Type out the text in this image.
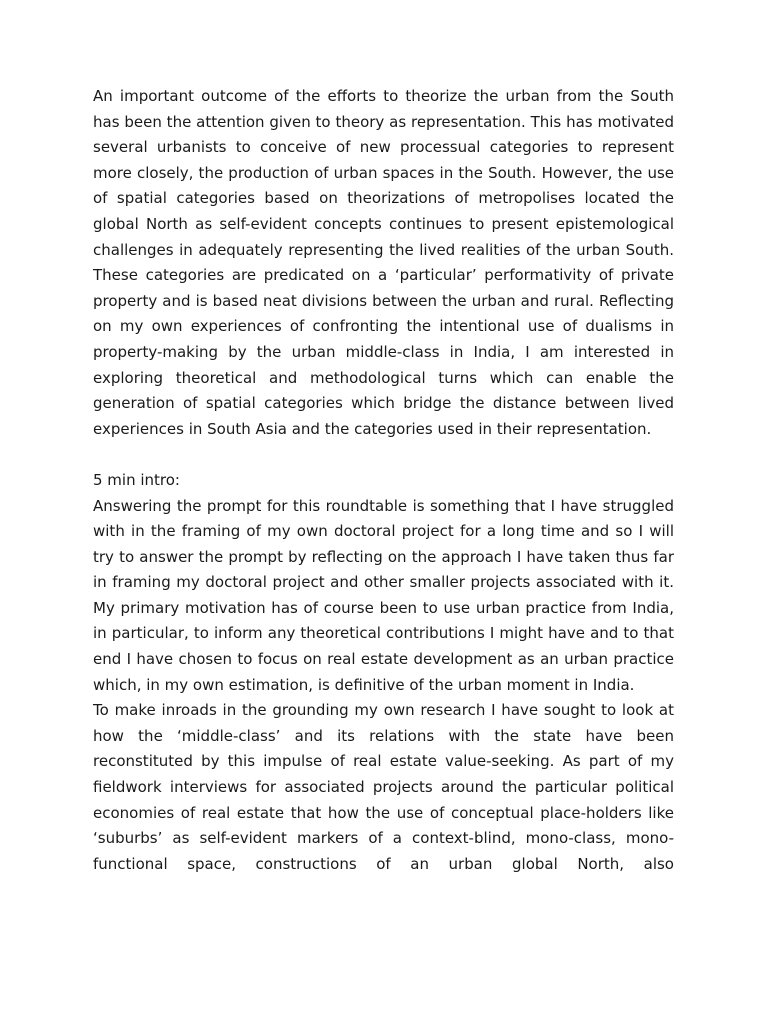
An important outcome of the efforts to theorize the urban from the South has been the attention given to theory as representation. This has motivated several urbanists to conceive of new processual categories to represent more closely, the production of urban spaces in the South. However, the use of spatial categories based on theorizations of metropolises located the global North as self-evident concepts continues to present epistemological challenges in adequately representing the lived realities of the urban South. These categories are predicated on a ‘particular’ performativity of private property and is based neat divisions between the urban and rural. Reflecting on my own experiences of confronting the intentional use of dualisms in property-making by the urban middle-class in India, I am interested in exploring theoretical and methodological turns which can enable the generation of spatial categories which bridge the distance between lived experiences in South Asia and the categories used in their representation.

5 min intro:

Answering the prompt for this roundtable is something that I have struggled with in the framing of my own doctoral project for a long time and so I will try to answer the prompt by reflecting on the approach I have taken thus far in framing my doctoral project and other smaller projects associated with it. My primary motivation has of course been to use urban practice from India, in particular, to inform any theoretical contributions I might have and to that end I have chosen to focus on real estate development as an urban practice which, in my own estimation, is definitive of the urban moment in India.

To make inroads in the grounding my own research I have sought to look at how the ‘middle-class’ and its relations with the state have been reconstituted by this impulse of real estate value-seeking. As part of my fieldwork interviews for associated projects around the particular political economies of real estate that how the use of conceptual place-holders like ‘suburbs’ as self-evident markers of a context-blind, mono-class, mono-functional space, constructions of an urban global North, also
